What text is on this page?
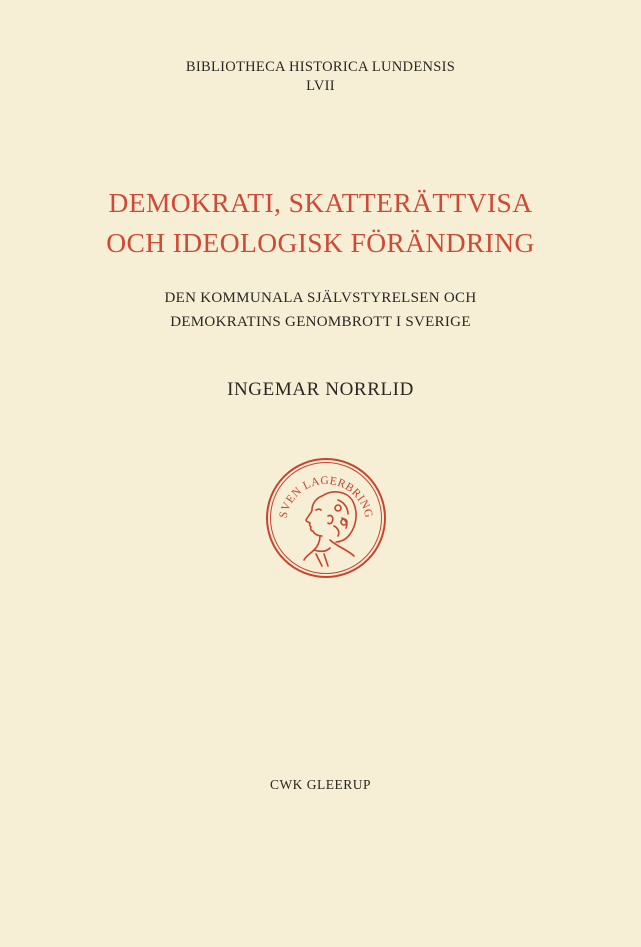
BIBLIOTHECA HISTORICA LUNDENSIS
LVII
DEMOKRATI, SKATTERÄTTVISA
OCH IDEOLOGISK FÖRÄNDRING
DEN KOMMUNALA SJÄLVSTYRELSEN OCH
DEMOKRATINS GENOMBROTT I SVERIGE
INGEMAR NORRLID
SVEN LAGERBRING
CWK GLEERUP
